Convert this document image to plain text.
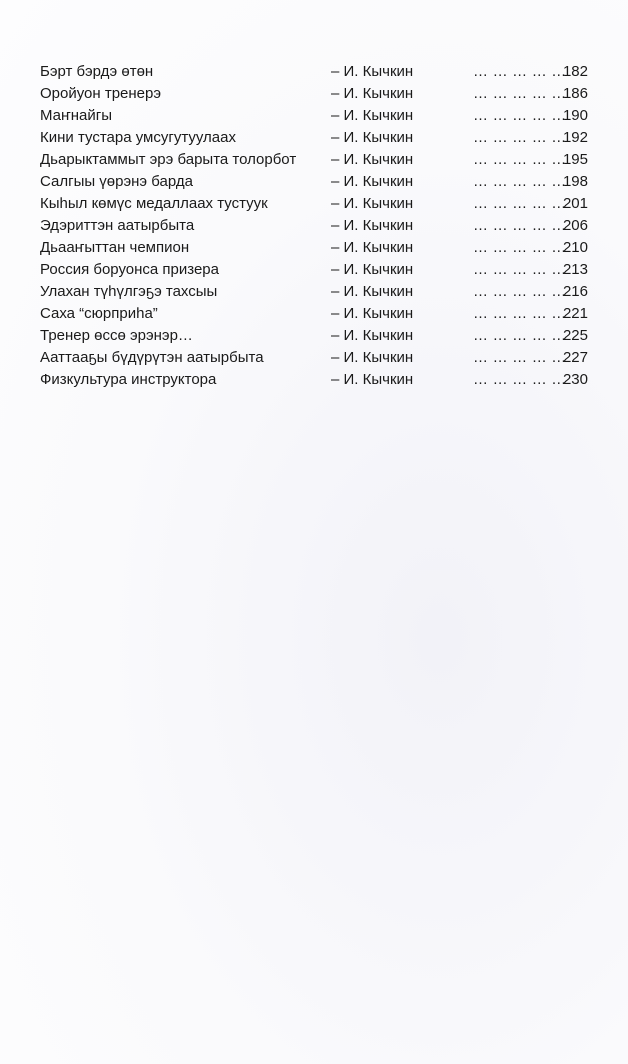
Бэрт бэрдэ өтөн	– И. Кычкин	… … … … …
182
Оройуон тренерэ	– И. Кычкин	… … … … …
186
Маҥнайгы	– И. Кычкин	… … … … …
190
Кини тустара умсугутуулаах	– И. Кычкин	… … … … …
192
Дьарыктаммыт эрэ барыта толорбот – И. Кычкин	… … … … …
195
Салгыы үөрэнэ барда	– И. Кычкин	… … … … …
198
Кыһыл көмүс медаллаах тустуук	– И. Кычкин	… … … … …
201
Эдэриттэн аатырбыта	– И. Кычкин	… … … … …
206
Дьааҥыттан чемпион	– И. Кычкин	… … … … …
210
Россия боруонса призера	– И. Кычкин	… … … … …
213
Улахан түһүлгэҕэ тахсыы	– И. Кычкин	… … … … …
216
Саха “сюрприһа”	– И. Кычкин	… … … … …
221
Тренер өссө эрэнэр…	– И. Кычкин	… … … … …
225
Ааттааҕы бүдүрүтэн аатырбыта	– И. Кычкин	… … … … …
227
Физкультура инструктора	– И. Кычкин	… … … … …
230
